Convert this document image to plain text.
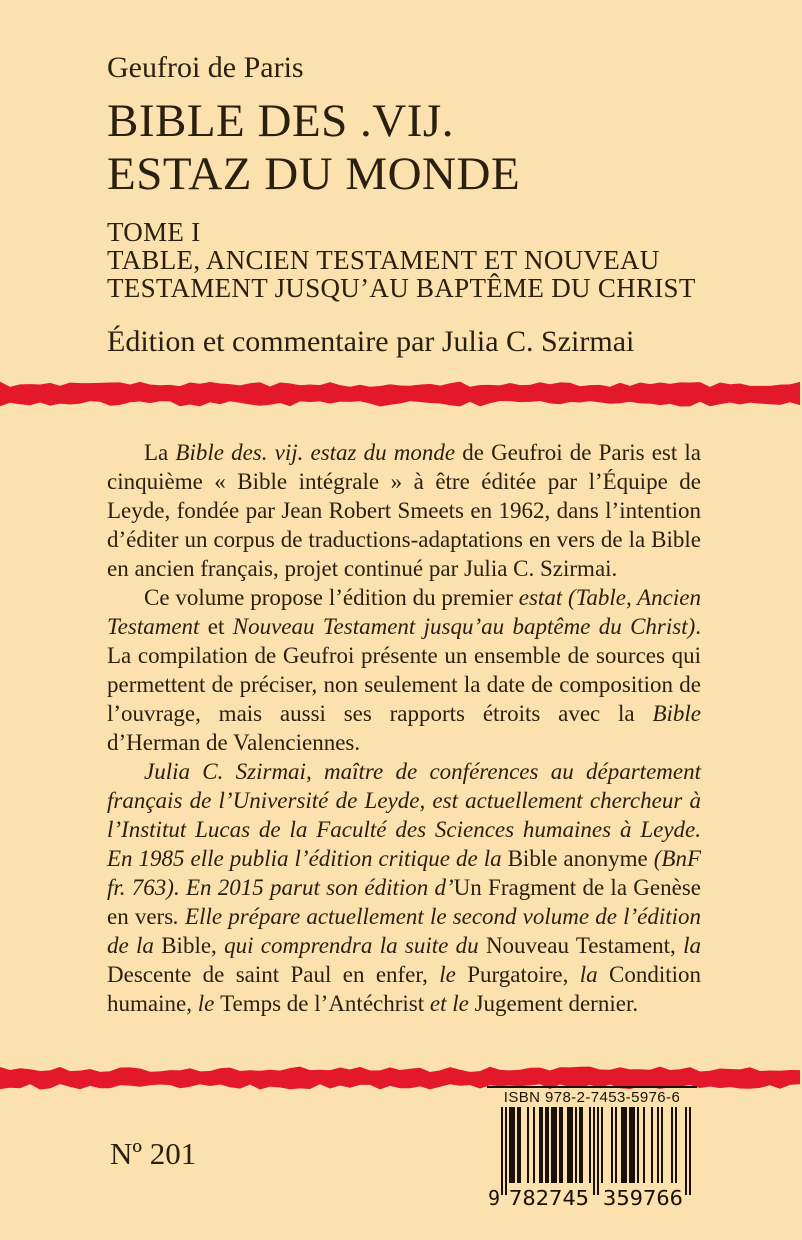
Geufroi de Paris
BIBLE DES .VIJ.
ESTAZ DU MONDE
TOME I
TABLE, ANCIEN TESTAMENT ET NOUVEAU
TESTAMENT JUSQU’AU BAPTÊME DU CHRIST
Édition et commentaire par Julia C. Szirmai

La Bible des. vij. estaz du monde de Geufroi de Paris est la cinquième « Bible intégrale » à être éditée par l’Équipe de Leyde, fondée par Jean Robert Smeets en 1962, dans l’intention d’éditer un corpus de traductions-adaptations en vers de la Bible en ancien français, projet continué par Julia C. Szirmai.

Ce volume propose l’édition du premier estat (Table, Ancien Testament et Nouveau Testament jusqu’au baptême du Christ). La compilation de Geufroi présente un ensemble de sources qui permettent de préciser, non seulement la date de composition de l’ouvrage, mais aussi ses rapports étroits avec la Bible d’Herman de Valenciennes.

Julia C. Szirmai, maître de conférences au département français de l’Université de Leyde, est actuellement chercheur à l’Institut Lucas de la Faculté des Sciences humaines à Leyde. En 1985 elle publia l’édition critique de la Bible anonyme (BnF fr. 763). En 2015 parut son édition d’Un Fragment de la Genèse en vers. Elle prépare actuellement le second volume de l’édition de la Bible, qui comprendra la suite du Nouveau Testament, la Descente de saint Paul en enfer, le Purgatoire, la Condition humaine, le Temps de l’Antéchrist et le Jugement dernier.

Nº 201
ISBN 978-2-7453-5976-6
9 782745 359766
